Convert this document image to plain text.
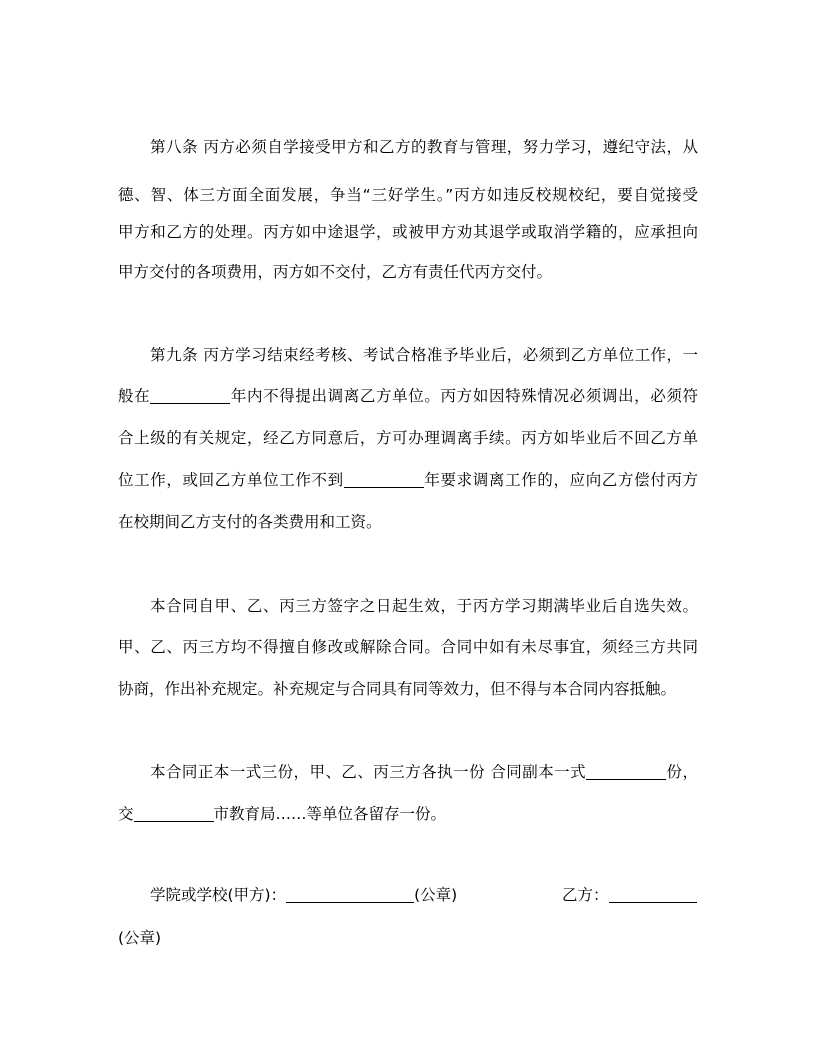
第八条 丙方必须自学接受甲方和乙方的教育与管理，努力学习，遵纪守法，从
德、智、体三方面全面发展，争当“三好学生。”丙方如违反校规校纪，要自觉接受
甲方和乙方的处理。丙方如中途退学，或被甲方劝其退学或取消学籍的，应承担向
甲方交付的各项费用，丙方如不交付，乙方有责任代丙方交付。
第九条 丙方学习结束经考核、考试合格准予毕业后，必须到乙方单位工作，一
般在	年内不得提出调离乙方单位。丙方如因特殊情况必须调出，必须符
合上级的有关规定，经乙方同意后，方可办理调离手续。丙方如毕业后不回乙方单
位工作，或回乙方单位工作不到	年要求调离工作的，应向乙方偿付丙方
在校期间乙方支付的各类费用和工资。
本合同自甲、乙、丙三方签字之日起生效，于丙方学习期满毕业后自选失效。
甲、乙、丙三方均不得擅自修改或解除合同。合同中如有未尽事宜，须经三方共同
协商，作出补充规定。补充规定与合同具有同等效力，但不得与本合同内容抵触。
本合同正本一式三份，甲、乙、丙三方各执一份 合同副本一式	份，
交	市教育局……等单位各留存一份。
学院或学校(甲方)：	(公章)	乙方：
(公章)
